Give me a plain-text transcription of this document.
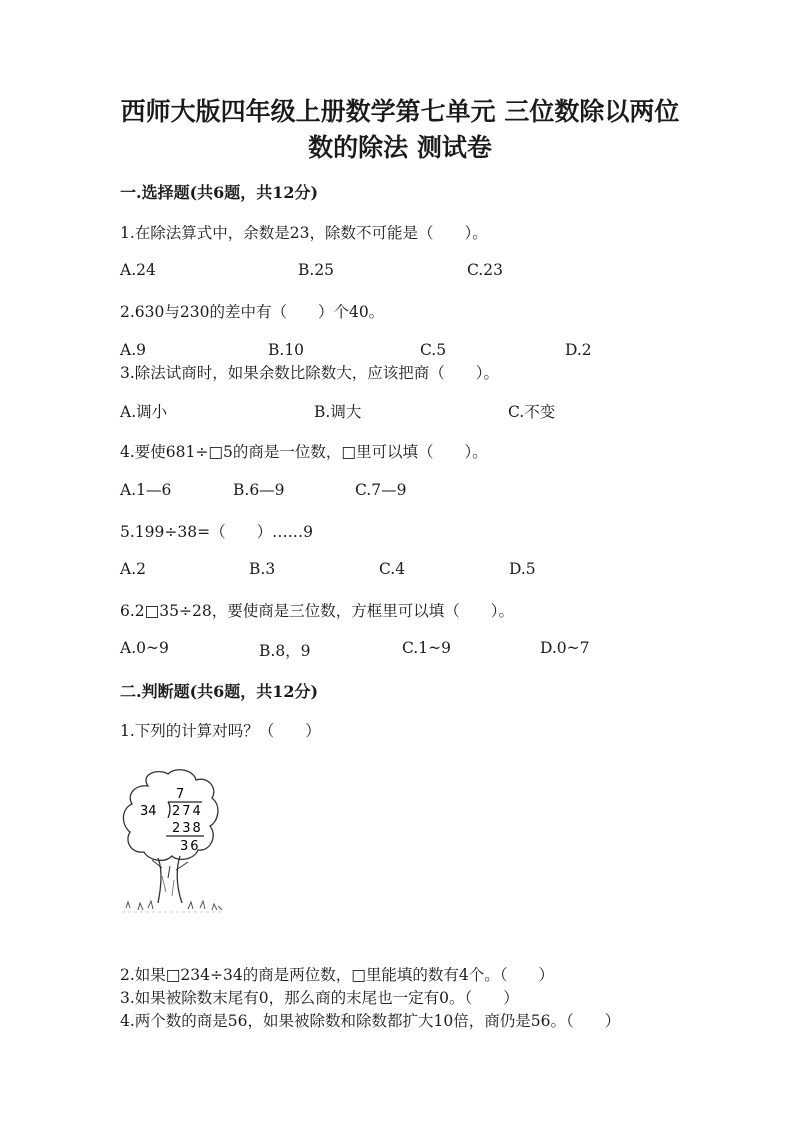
西师大版四年级上册数学第七单元 三位数除以两位
数的除法 测试卷
一.选择题(共6题，共12分)
1.在除法算式中，余数是23，除数不可能是（　　）。
A.24	B.25	C.23
2.630与230的差中有（　　）个40。
A.9	B.10	C.5	D.2
3.除法试商时，如果余数比除数大，应该把商（　　）。
A.调小	B.调大	C.不变
4.要使681÷□5的商是一位数，□里可以填（　　）。
A.1—6	B.6—9	C.7—9
5.199÷38=（　　）……9
A.2	B.3	C.4	D.5
6.2□35÷28，要使商是三位数，方框里可以填（　　）。
A.0~9	B.8，9	C.1~9	D.0~7
二.判断题(共6题，共12分)
1.下列的计算对吗？（　　）
7
34 274
238
36
2.如果□234÷34的商是两位数，□里能填的数有4个。（　　）
3.如果被除数末尾有0，那么商的末尾也一定有0。（　　）
4.两个数的商是56，如果被除数和除数都扩大10倍，商仍是56。（　　）
